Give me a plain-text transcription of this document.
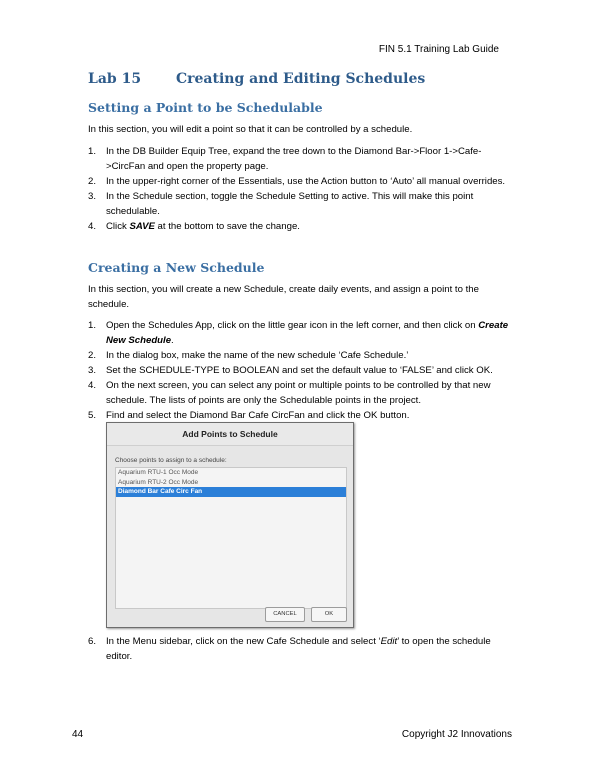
FIN 5.1 Training Lab Guide
Lab 15 Creating and Editing Schedules
Setting a Point to be Schedulable

In this section, you will edit a point so that it can be controlled by a schedule.

1. In the DB Builder Equip Tree, expand the tree down to the Diamond Bar->Floor 1->Cafe->CircFan and open the property page.
2. In the upper-right corner of the Essentials, use the Action button to ‘Auto’ all manual overrides.
3. In the Schedule section, toggle the Schedule Setting to active. This will make this point schedulable.
4. Click SAVE at the bottom to save the change.
Creating a New Schedule

In this section, you will create a new Schedule, create daily events, and assign a point to the schedule.

1. Open the Schedules App, click on the little gear icon in the left corner, and then click on Create New Schedule.
2. In the dialog box, make the name of the new schedule ‘Cafe Schedule.’
3. Set the SCHEDULE-TYPE to BOOLEAN and set the default value to ‘FALSE’ and click OK.
4. On the next screen, you can select any point or multiple points to be controlled by that new schedule. The lists of points are only the Schedulable points in the project.
5. Find and select the Diamond Bar Cafe CircFan and click the OK button.
Add Points to Schedule
Choose points to assign to a schedule:
Aquarium RTU-1 Occ Mode
Aquarium RTU-2 Occ Mode
Diamond Bar Cafe Circ Fan
CANCEL	OK
6. In the Menu sidebar, click on the new Cafe Schedule and select ‘Edit’ to open the schedule editor.
44	Copyright J2 Innovations
